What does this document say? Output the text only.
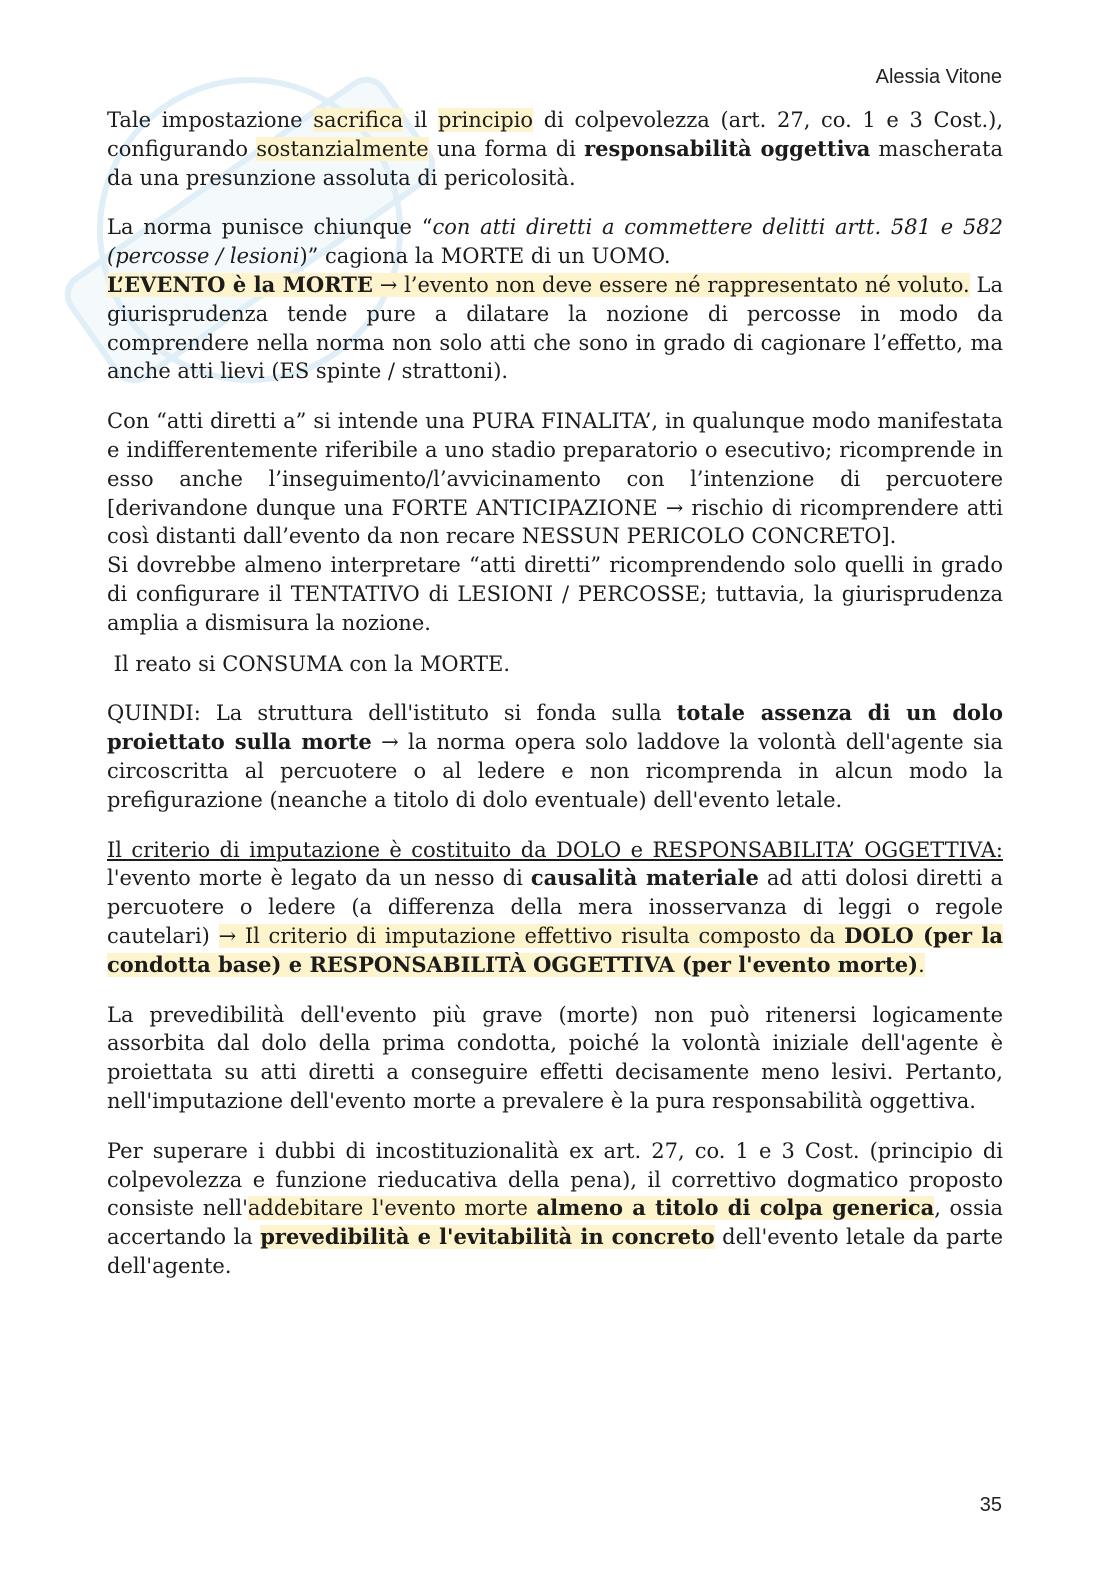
Alessia Vitone

Tale impostazione sacrifica il principio di colpevolezza (art. 27, co. 1 e 3 Cost.), configurando sostanzialmente una forma di responsabilità oggettiva mascherata da una presunzione assoluta di pericolosità.

La norma punisce chiunque “con atti diretti a commettere delitti artt. 581 e 582 (percosse / lesioni)” cagiona la MORTE di un UOMO.

L’EVENTO è la MORTE → l’evento non deve essere né rappresentato né voluto. La giurisprudenza tende pure a dilatare la nozione di percosse in modo da comprendere nella norma non solo atti che sono in grado di cagionare l’effetto, ma anche atti lievi (ES spinte / strattoni).

Con “atti diretti a” si intende una PURA FINALITA’, in qualunque modo manifestata e indifferentemente riferibile a uno stadio preparatorio o esecutivo; ricomprende in esso anche l’inseguimento/l’avvicinamento con l’intenzione di percuotere [derivandone dunque una FORTE ANTICIPAZIONE → rischio di ricomprendere atti così distanti dall’evento da non recare NESSUN PERICOLO CONCRETO].

Si dovrebbe almeno interpretare “atti diretti” ricomprendendo solo quelli in grado di configurare il TENTATIVO di LESIONI / PERCOSSE; tuttavia, la giurisprudenza amplia a dismisura la nozione.

Il reato si CONSUMA con la MORTE.

QUINDI: La struttura dell'istituto si fonda sulla totale assenza di un dolo proiettato sulla morte → la norma opera solo laddove la volontà dell'agente sia circoscritta al percuotere o al ledere e non ricomprenda in alcun modo la prefigurazione (neanche a titolo di dolo eventuale) dell'evento letale.

Il criterio di imputazione è costituito da DOLO e RESPONSABILITA’ OGGETTIVA: l'evento morte è legato da un nesso di causalità materiale ad atti dolosi diretti a percuotere o ledere (a differenza della mera inosservanza di leggi o regole cautelari) → Il criterio di imputazione effettivo risulta composto da DOLO (per la condotta base) e RESPONSABILITÀ OGGETTIVA (per l'evento morte).

La prevedibilità dell'evento più grave (morte) non può ritenersi logicamente assorbita dal dolo della prima condotta, poiché la volontà iniziale dell'agente è proiettata su atti diretti a conseguire effetti decisamente meno lesivi. Pertanto, nell'imputazione dell'evento morte a prevalere è la pura responsabilità oggettiva.

Per superare i dubbi di incostituzionalità ex art. 27, co. 1 e 3 Cost. (principio di colpevolezza e funzione rieducativa della pena), il correttivo dogmatico proposto consiste nell'addebitare l'evento morte almeno a titolo di colpa generica, ossia accertando la prevedibilità e l'evitabilità in concreto dell'evento letale da parte dell'agente.

35
